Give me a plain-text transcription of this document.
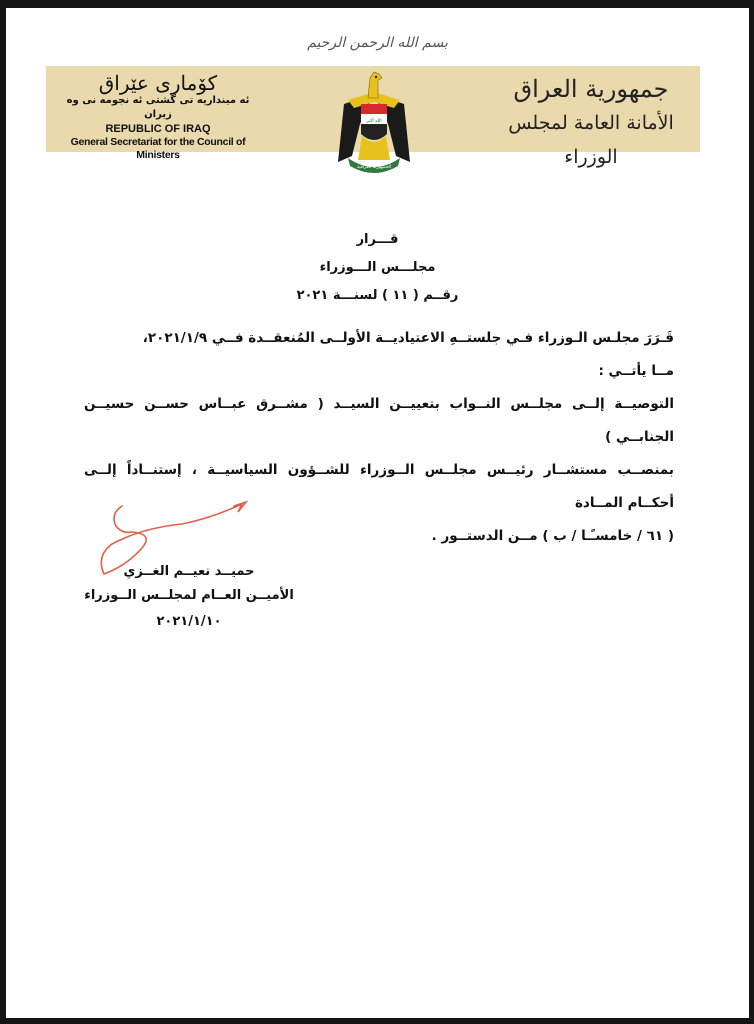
بسم الله الرحمن الرحيم
كۆماری عێراق
ئه مینداریه تی گشتی ئه نجومه نی وه زیران
REPUBLIC OF IRAQ
General Secretariat for the Council of Ministers
جمهورية العراق
الأمانة العامة لمجلس الوزراء
الله أكبر
الجمهورية العراقية
قـــرار
مجلـــس الـــوزراء
رقــم ( ١١ ) لسنـــة ٢٠٢١
قَـرَرَ مجلـس الـوزراء فـي جلستــهِ الاعتياديــة الأولــى المُنعقــدة فــي ٢٠٢١/١/٩،
مــا يأتــي :
التوصيــة إلــى مجلــس النــواب بتعييــن السيــد ( مشــرق عبــاس حســن حسيــن الجنابــي )
بمنصــب مستشــار رئيــس مجلــس الــوزراء للشــؤون السياسيــة ، إستنــاداً إلــى أحكــام المــادة
( ٦١ / خامسـًـا / ب ) مــن الدستــور .
حميــد نعيــم الغــزي
الأميــن العــام لمجلــس الــوزراء
٢٠٢١/١/١٠
